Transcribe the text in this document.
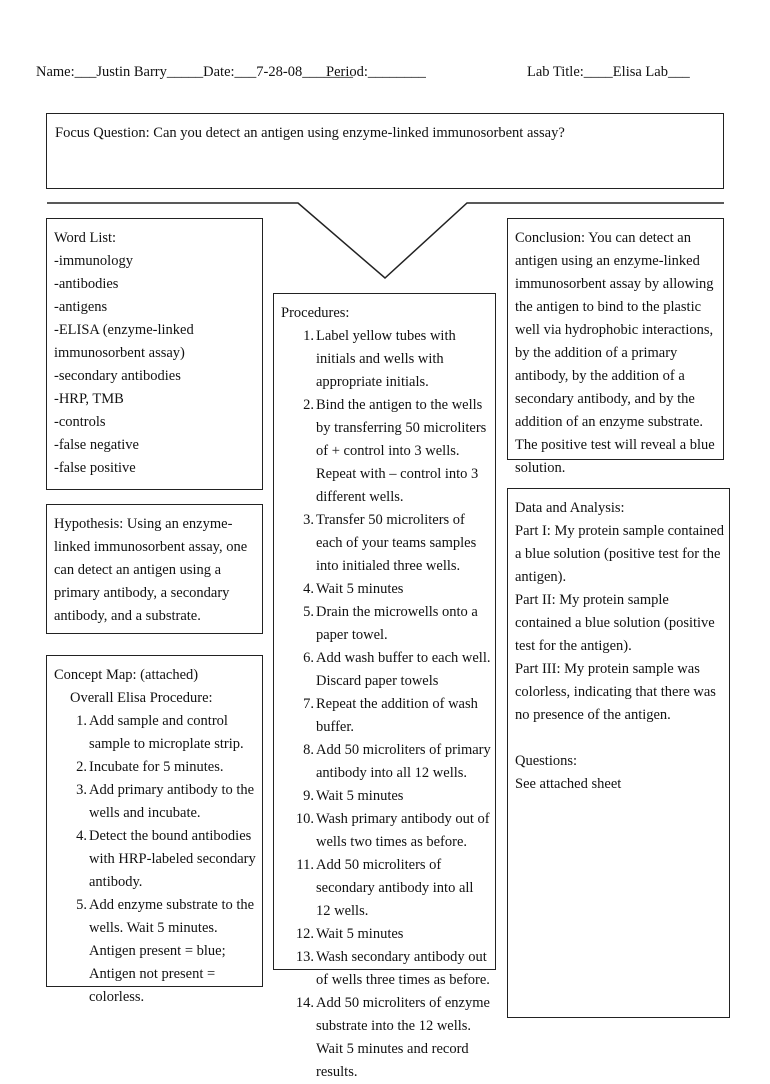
Name:___Justin Barry_____Date:___7-28-08_______
Period:________	Lab Title:____Elisa Lab___
Focus Question: Can you detect an antigen using enzyme-linked immunosorbent assay?

Word List:

-immunology

-antibodies

-antigens

-ELISA (enzyme-linked immunosorbent assay)

-secondary antibodies

-HRP, TMB

-controls

-false negative

-false positive

Hypothesis: Using an enzyme-linked immunosorbent assay, one can detect an antigen using a primary antibody, a secondary antibody, and a substrate.

Concept Map: (attached)

Overall Elisa Procedure:

1. Add sample and control sample to microplate strip.
2. Incubate for 5 minutes.
3. Add primary antibody to the wells and incubate.
4. Detect the bound antibodies with HRP-labeled secondary antibody.
5. Add enzyme substrate to the wells. Wait 5 minutes. Antigen present = blue; Antigen not present = colorless.

Procedures:

1. Label yellow tubes with initials and wells with appropriate initials.
2. Bind the antigen to the wells by transferring 50 microliters of + control into 3 wells. Repeat with – control into 3 different wells.
3. Transfer 50 microliters of each of your teams samples into initialed three wells.
4. Wait 5 minutes
5. Drain the microwells onto a paper towel.
6. Add wash buffer to each well. Discard paper towels
7. Repeat the addition of wash buffer.
8. Add 50 microliters of primary antibody into all 12 wells.
9. Wait 5 minutes
10. Wash primary antibody out of wells two times as before.
11. Add 50 microliters of secondary antibody into all 12 wells.
12. Wait 5 minutes
13. Wash secondary antibody out of wells three times as before.
14. Add 50 microliters of enzyme substrate into the 12 wells. Wait 5 minutes and record results.
Conclusion: You can detect an antigen using an enzyme-linked immunosorbent assay by allowing the antigen to bind to the plastic well via hydrophobic interactions, by the addition of a primary antibody, by the addition of a secondary antibody, and by the addition of an enzyme substrate. The positive test will reveal a blue solution.

Data and Analysis:

Part I: My protein sample contained a blue solution (positive test for the antigen).

Part II: My protein sample contained a blue solution (positive test for the antigen).

Part III: My protein sample was colorless, indicating that there was no presence of the antigen.

Questions:

See attached sheet
